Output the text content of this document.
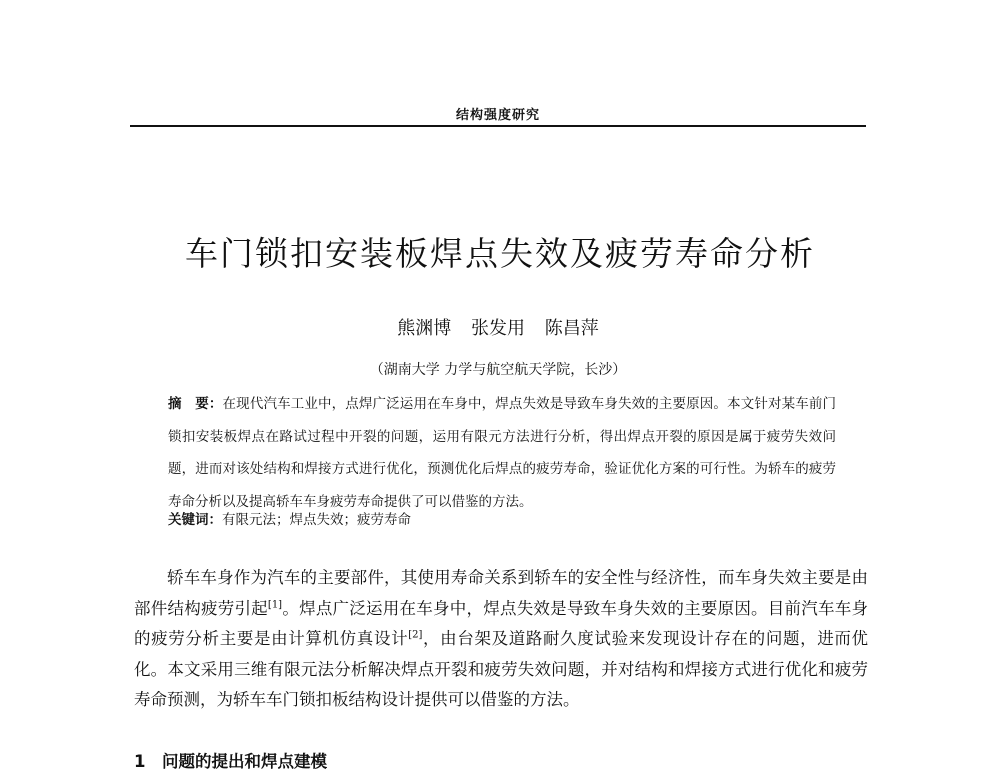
结构强度研究
车门锁扣安装板焊点失效及疲劳寿命分析
熊渊博 张发用 陈昌萍
（湖南大学 力学与航空航天学院，长沙）
摘　要：在现代汽车工业中，点焊广泛运用在车身中，焊点失效是导致车身失效的主要原因。本文针对某车前门锁扣安装板焊点在路试过程中开裂的问题，运用有限元方法进行分析，得出焊点开裂的原因是属于疲劳失效问题，进而对该处结构和焊接方式进行优化，预测优化后焊点的疲劳寿命，验证优化方案的可行性。为轿车的疲劳寿命分析以及提高轿车车身疲劳寿命提供了可以借鉴的方法。
关键词：有限元法；焊点失效；疲劳寿命
轿车车身作为汽车的主要部件，其使用寿命关系到轿车的安全性与经济性，而车身失效主要是由部件结构疲劳引起[1]。焊点广泛运用在车身中，焊点失效是导致车身失效的主要原因。目前汽车车身的疲劳分析主要是由计算机仿真设计[2]，由台架及道路耐久度试验来发现设计存在的问题，进而优化。本文采用三维有限元法分析解决焊点开裂和疲劳失效问题，并对结构和焊接方式进行优化和疲劳寿命预测，为轿车车门锁扣板结构设计提供可以借鉴的方法。
1　问题的提出和焊点建模
